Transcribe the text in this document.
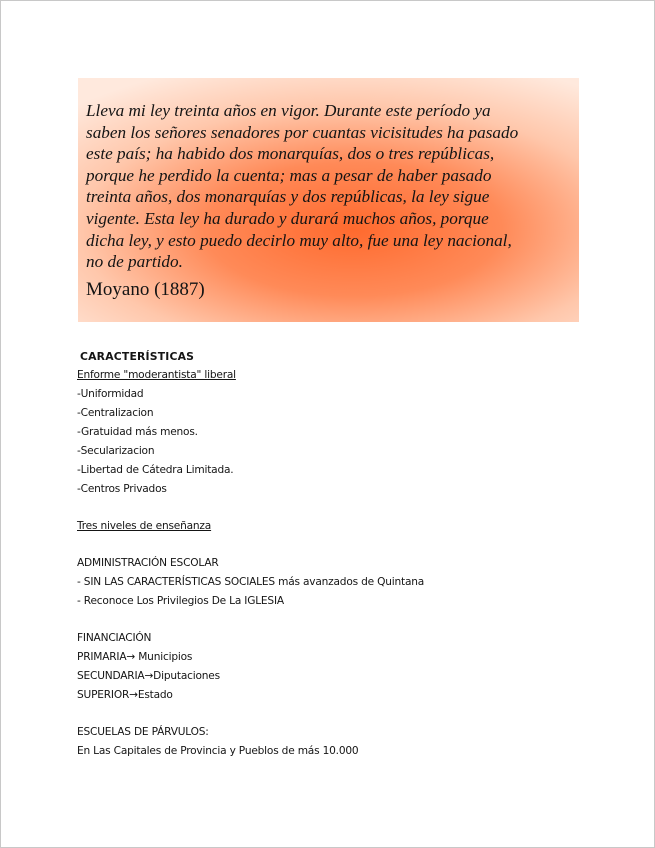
Lleva mi ley treinta años en vigor. Durante este período ya
saben los señores senadores por cuantas vicisitudes ha pasado
este país; ha habido dos monarquías, dos o tres repúblicas,
porque he perdido la cuenta; mas a pesar de haber pasado
treinta años, dos monarquías y dos repúblicas, la ley sigue
vigente. Esta ley ha durado y durará muchos años, porque
dicha ley, y esto puedo decirlo muy alto, fue una ley nacional,
no de partido.

Moyano (1887)
CARACTERÍSTICAS
Enforme "moderantista" liberal
-Uniformidad
-Centralizacion
-Gratuidad más menos.
-Secularizacion
-Libertad de Cátedra Limitada.
-Centros Privados
Tres niveles de enseñanza
ADMINISTRACIÓN ESCOLAR
- SIN LAS CARACTERÍSTICAS SOCIALES más avanzados de Quintana
- Reconoce Los Privilegios De La IGLESIA
FINANCIACIÓN
PRIMARIA→ Municipios
SECUNDARIA→Diputaciones
SUPERIOR→Estado
ESCUELAS DE PÁRVULOS:
En Las Capitales de Provincia y Pueblos de más 10.000
